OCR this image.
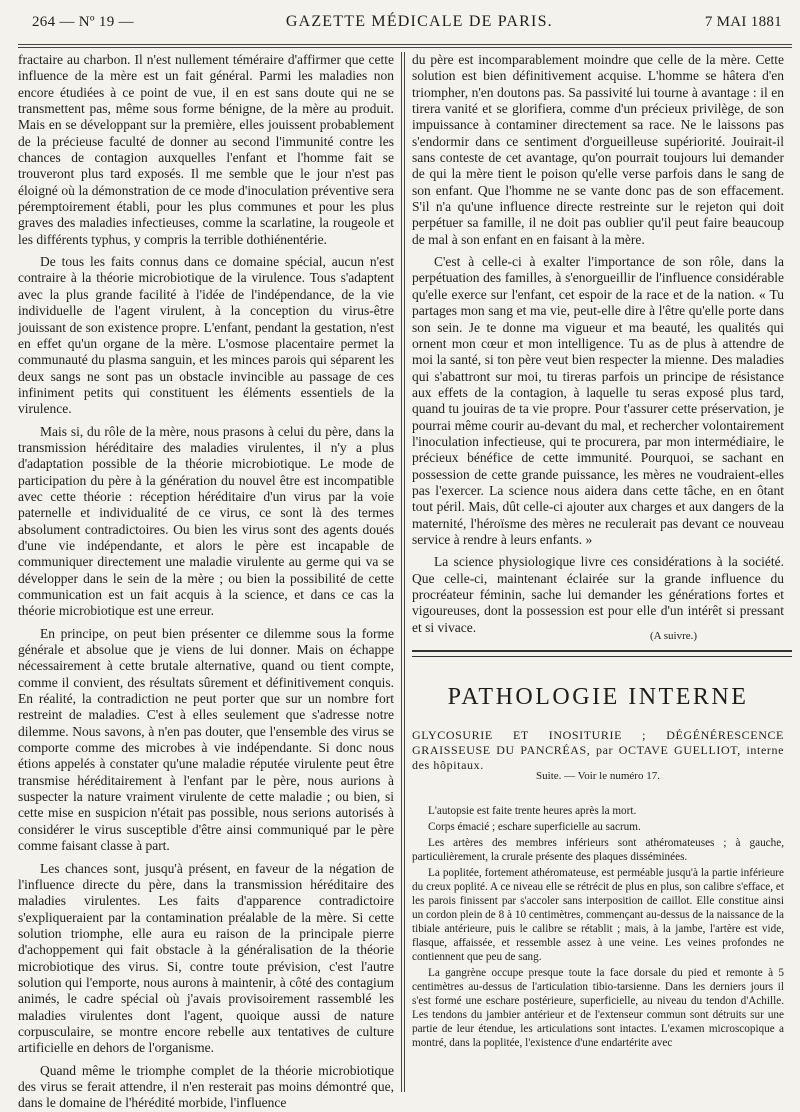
264 — Nº 19 —	GAZETTE MÉDICALE DE PARIS.	7 MAI 1881

fractaire au charbon. Il n'est nullement téméraire d'affirmer que cette influence de la mère est un fait général. Parmi les maladies non encore étudiées à ce point de vue, il en est sans doute qui ne se transmettent pas, même sous forme bénigne, de la mère au produit. Mais en se développant sur la première, elles jouissent probablement de la précieuse faculté de donner au second l'immunité contre les chances de contagion auxquelles l'enfant et l'homme fait se trouveront plus tard exposés. Il me semble que le jour n'est pas éloigné où la démonstration de ce mode d'inoculation préventive sera péremptoirement établi, pour les plus communes et pour les plus graves des maladies infectieuses, comme la scarlatine, la rougeole et les différents typhus, y compris la terrible dothiénentérie.

De tous les faits connus dans ce domaine spécial, aucun n'est contraire à la théorie microbiotique de la virulence. Tous s'adaptent avec la plus grande facilité à l'idée de l'indépendance, de la vie individuelle de l'agent virulent, à la conception du virus-être jouissant de son existence propre. L'enfant, pendant la gestation, n'est en effet qu'un organe de la mère. L'osmose placentaire permet la communauté du plasma sanguin, et les minces parois qui séparent les deux sangs ne sont pas un obstacle invincible au passage de ces infiniment petits qui constituent les éléments essentiels de la virulence.

Mais si, du rôle de la mère, nous prasons à celui du père, dans la transmission héréditaire des maladies virulentes, il n'y a plus d'adaptation possible de la théorie microbiotique. Le mode de participation du père à la génération du nouvel être est incompatible avec cette théorie : réception héréditaire d'un virus par la voie paternelle et individualité de ce virus, ce sont là des termes absolument contradictoires. Ou bien les virus sont des agents doués d'une vie indépendante, et alors le père est incapable de communiquer directement une maladie virulente au germe qui va se développer dans le sein de la mère ; ou bien la possibilité de cette communication est un fait acquis à la science, et dans ce cas la théorie microbiotique est une erreur.

En principe, on peut bien présenter ce dilemme sous la forme générale et absolue que je viens de lui donner. Mais on échappe nécessairement à cette brutale alternative, quand ou tient compte, comme il convient, des résultats sûrement et définitivement conquis. En réalité, la contradiction ne peut porter que sur un nombre fort restreint de maladies. C'est à elles seulement que s'adresse notre dilemme. Nous savons, à n'en pas douter, que l'ensemble des virus se comporte comme des microbes à vie indépendante. Si donc nous étions appelés à constater qu'une maladie réputée virulente peut être transmise héréditairement à l'enfant par le père, nous aurions à suspecter la nature vraiment virulente de cette maladie ; ou bien, si cette mise en suspicion n'était pas possible, nous serions autorisés à considérer le virus susceptible d'être ainsi communiqué par le père comme faisant classe à part.

Les chances sont, jusqu'à présent, en faveur de la négation de l'influence directe du père, dans la transmission héréditaire des maladies virulentes. Les faits d'apparence contradictoire s'expliqueraient par la contamination préalable de la mère. Si cette solution triomphe, elle aura eu raison de la principale pierre d'achoppement qui fait obstacle à la généralisation de la théorie microbiotique des virus. Si, contre toute prévision, c'est l'autre solution qui l'emporte, nous aurons à maintenir, à côté des contagium animés, le cadre spécial où j'avais provisoirement rassemblé les maladies virulentes dont l'agent, quoique aussi de nature corpusculaire, se montre encore rebelle aux tentatives de culture artificielle en dehors de l'organisme.

Quand même le triomphe complet de la théorie microbiotique des virus se ferait attendre, il n'en resterait pas moins démontré que, dans le domaine de l'hérédité morbide, l'influence

du père est incomparablement moindre que celle de la mère. Cette solution est bien définitivement acquise. L'homme se hâtera d'en triompher, n'en doutons pas. Sa passivité lui tourne à avantage : il en tirera vanité et se glorifiera, comme d'un précieux privilège, de son impuissance à contaminer directement sa race. Ne le laissons pas s'endormir dans ce sentiment d'orgueilleuse supériorité. Jouirait-il sans conteste de cet avantage, qu'on pourrait toujours lui demander de qui la mère tient le poison qu'elle verse parfois dans le sang de son enfant. Que l'homme ne se vante donc pas de son effacement. S'il n'a qu'une influence directe restreinte sur le rejeton qui doit perpétuer sa famille, il ne doit pas oublier qu'il peut faire beaucoup de mal à son enfant en en faisant à la mère.

C'est à celle-ci à exalter l'importance de son rôle, dans la perpétuation des familles, à s'enorgueillir de l'influence considérable qu'elle exerce sur l'enfant, cet espoir de la race et de la nation. « Tu partages mon sang et ma vie, peut-elle dire à l'être qu'elle porte dans son sein. Je te donne ma vigueur et ma beauté, les qualités qui ornent mon cœur et mon intelligence. Tu as de plus à attendre de moi la santé, si ton père veut bien respecter la mienne. Des maladies qui s'abattront sur moi, tu tireras parfois un principe de résistance aux effets de la contagion, à laquelle tu seras exposé plus tard, quand tu jouiras de ta vie propre. Pour t'assurer cette préservation, je pourrai même courir au-devant du mal, et rechercher volontairement l'inoculation infectieuse, qui te procurera, par mon intermédiaire, le précieux bénéfice de cette immunité. Pourquoi, se sachant en possession de cette grande puissance, les mères ne voudraient-elles pas l'exercer. La science nous aidera dans cette tâche, en en ôtant tout péril. Mais, dût celle-ci ajouter aux charges et aux dangers de la maternité, l'héroïsme des mères ne reculerait pas devant ce nouveau service à rendre à leurs enfants. »

La science physiologique livre ces considérations à la société. Que celle-ci, maintenant éclairée sur la grande influence du procréateur féminin, sache lui demander les générations fortes et vigoureuses, dont la possession est pour elle d'un intérêt si pressant et si vivace.

(A suivre.)
PATHOLOGIE INTERNE
GLYCOSURIE ET INOSITURIE ; DÉGÉNÉRESCENCE GRAISSEUSE DU PANCRÉAS, par OCTAVE GUELLIOT, interne des hôpitaux.
Suite. — Voir le numéro 17.

L'autopsie est faite trente heures après la mort.

Corps émacié ; eschare superficielle au sacrum.

Les artères des membres inférieurs sont athéromateuses ; à gauche, particulièrement, la crurale présente des plaques disséminées.

La poplitée, fortement athéromateuse, est perméable jusqu'à la partie inférieure du creux poplité. A ce niveau elle se rétrécit de plus en plus, son calibre s'efface, et les parois finissent par s'accoler sans interposition de caillot. Elle constitue ainsi un cordon plein de 8 à 10 centimètres, commençant au-dessus de la naissance de la tibiale antérieure, puis le calibre se rétablit ; mais, à la jambe, l'artère est vide, flasque, affaissée, et ressemble assez à une veine. Les veines profondes ne contiennent que peu de sang.

La gangrène occupe presque toute la face dorsale du pied et remonte à 5 centimètres au-dessus de l'articulation tibio-tarsienne. Dans les derniers jours il s'est formé une eschare postérieure, superficielle, au niveau du tendon d'Achille. Les tendons du jambier antérieur et de l'extenseur commun sont détruits sur une partie de leur étendue, les articulations sont intactes. L'examen microscopique a montré, dans la poplitée, l'existence d'une endartérite avec
